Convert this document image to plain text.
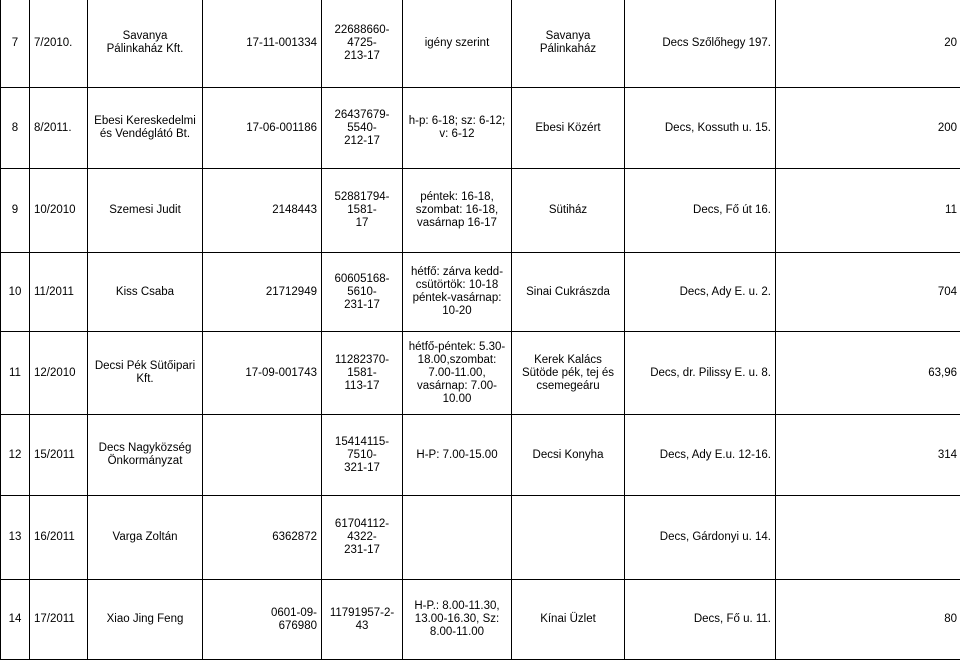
7	7/2010.	Savanya
Pálinkaház Kft.	17-11-001334	22688660-4725-
213-17	igény szerint	Savanya
Pálinkaház	Decs Szőlőhegy 197.	20
8	8/2011.	Ebesi Kereskedelmi
és Vendéglátó Bt.	17-06-001186	26437679-5540-
212-17	h-p: 6-18; sz: 6-12;
v: 6-12	Ebesi Közért	Decs, Kossuth u. 15.	200
9	10/2010	Szemesi Judit	2148443	52881794-1581-
17	péntek: 16-18,
szombat: 16-18,
vasárnap 16-17	Sütiház	Decs, Fő út 16.	11
10	11/2011	Kiss Csaba	21712949	60605168-5610-
231-17	hétfő: zárva kedd-
csütörtök: 10-18
péntek-vasárnap:
10-20	Sinai Cukrászda	Decs, Ady E. u. 2.	704
11	12/2010	Decsi Pék Sütőipari
Kft.	17-09-001743	11282370-1581-
113-17	hétfő-péntek: 5.30-
18.00,szombat:
7.00-11.00,
vasárnap: 7.00-
10.00	Kerek Kalács
Sütöde pék, tej és
csemegeáru	Decs, dr. Pilissy E. u. 8.	63,96
12	15/2011	Decs Nagyközség
Önkormányzat		15414115-7510-
321-17	H-P: 7.00-15.00	Decsi Konyha	Decs, Ady E.u. 12-16.	314
13	16/2011	Varga Zoltán	6362872	61704112-4322-
231-17			Decs, Gárdonyi u. 14.	
14	17/2011	Xiao Jing Feng	0601-09-
676980	11791957-2-43	H-P.: 8.00-11.30,
13.00-16.30, Sz:
8.00-11.00	Kínai Üzlet	Decs, Fő u. 11.	80
